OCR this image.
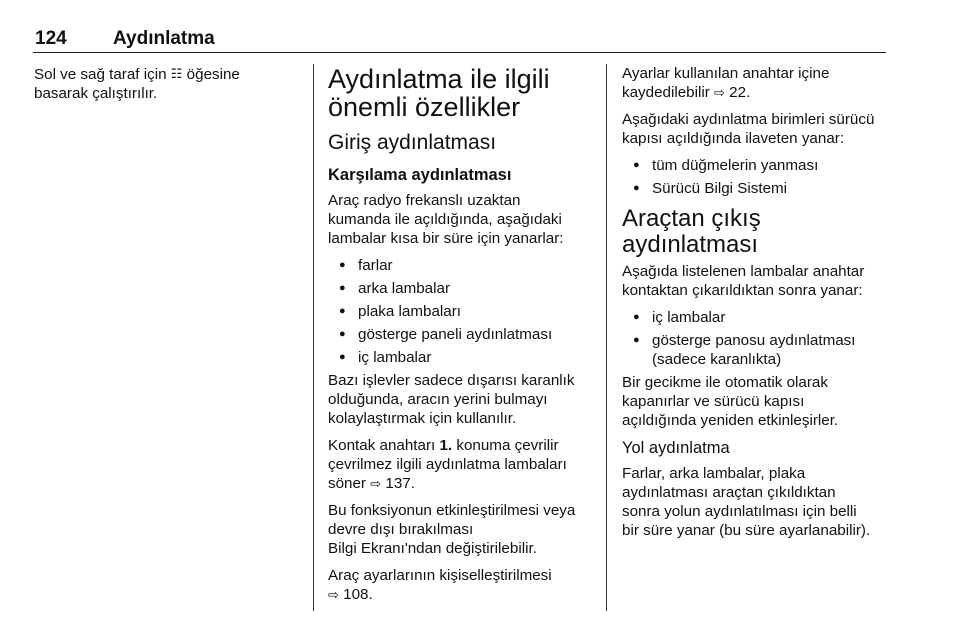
124 Aydınlatma

Sol ve sağ taraf için ☷ öğesine
basarak çalıştırılır.	Aydınlatma ile ilgili
önemli özellikler
Giriş aydınlatması
Karşılama aydınlatması

Araç radyo frekanslı uzaktan
kumanda ile açıldığında, aşağıdaki
lambalar kısa bir süre için yanarlar:

● farlar
● arka lambalar
● plaka lambaları
● gösterge paneli aydınlatması
● iç lambalar

Bazı işlevler sadece dışarısı karanlık
olduğunda, aracın yerini bulmayı
kolaylaştırmak için kullanılır.

Kontak anahtarı 1. konuma çevrilir
çevrilmez ilgili aydınlatma lambaları
söner ⇨ 137.

Bu fonksiyonun etkinleştirilmesi veya
devre dışı bırakılması
Bilgi Ekranı'ndan değiştirilebilir.

Araç ayarlarının kişiselleştirilmesi
⇨ 108.

Ayarlar kullanılan anahtar içine
kaydedilebilir ⇨ 22.

Aşağıdaki aydınlatma birimleri sürücü
kapısı açıldığında ilaveten yanar:

● tüm düğmelerin yanması
● Sürücü Bilgi Sistemi
Araçtan çıkış aydınlatması

Aşağıda listelenen lambalar anahtar
kontaktan çıkarıldıktan sonra yanar:

● iç lambalar
● gösterge panosu aydınlatması
(sadece karanlıkta)

Bir gecikme ile otomatik olarak
kapanırlar ve sürücü kapısı
açıldığında yeniden etkinleşirler.

Yol aydınlatma

Farlar, arka lambalar, plaka
aydınlatması araçtan çıkıldıktan
sonra yolun aydınlatılması için belli
bir süre yanar (bu süre ayarlanabilir).
